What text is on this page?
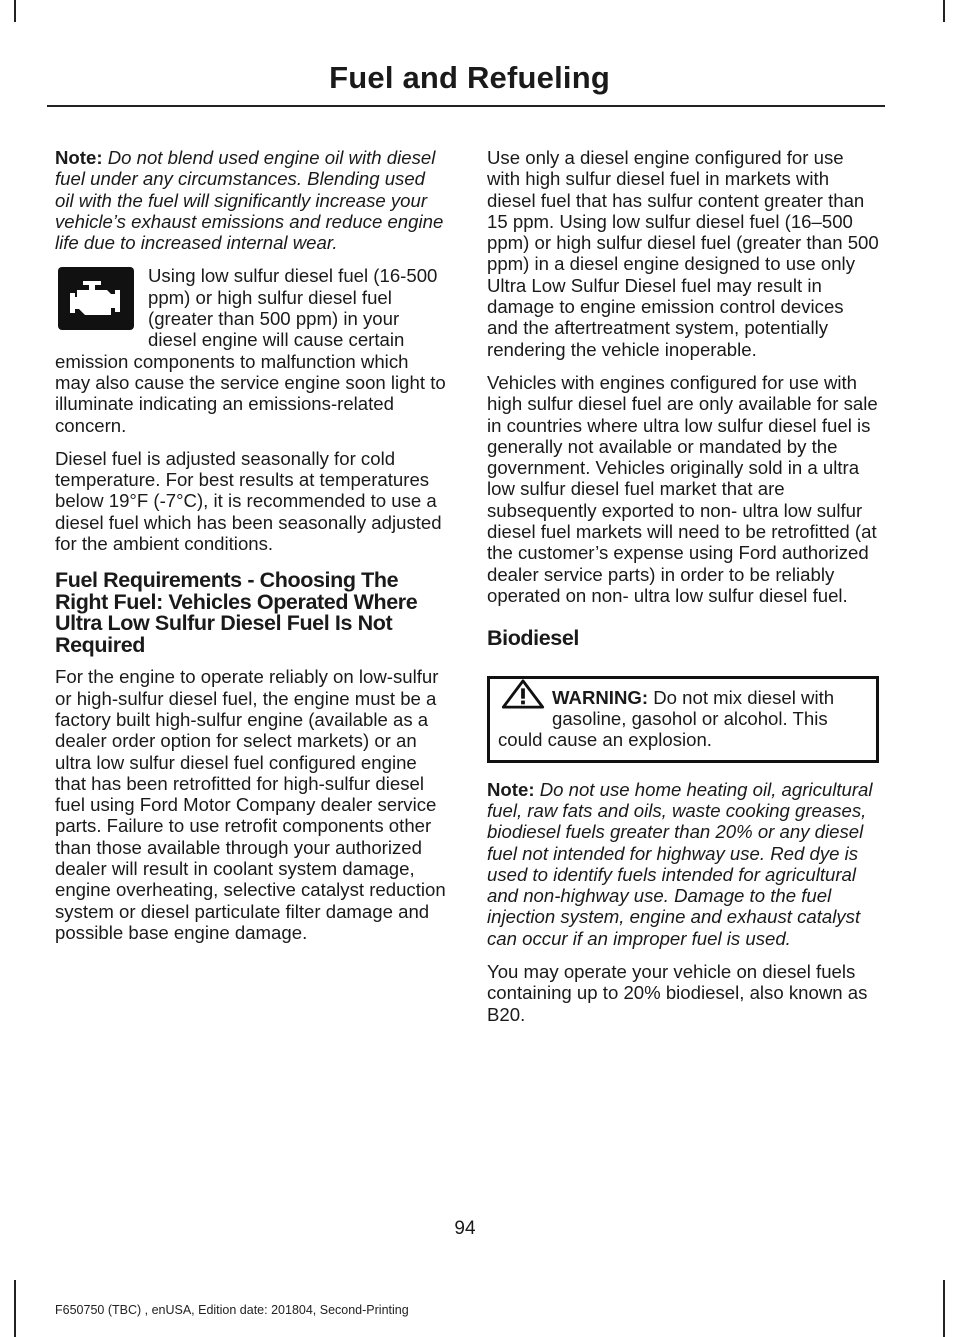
Fuel and Refueling

Note: Do not blend used engine oil with diesel fuel under any circumstances. Blending used oil with the fuel will significantly increase your vehicle’s exhaust emissions and reduce engine life due to increased internal wear.

Using low sulfur diesel fuel (16-500 ppm) or high sulfur diesel fuel (greater than 500 ppm) in your diesel engine will cause certain emission components to malfunction which may also cause the service engine soon light to illuminate indicating an emissions-related concern.

Diesel fuel is adjusted seasonally for cold temperature. For best results at temperatures below 19°F (-7°C), it is recommended to use a diesel fuel which has been seasonally adjusted for the ambient conditions.

Fuel Requirements - Choosing The Right Fuel: Vehicles Operated Where Ultra Low Sulfur Diesel Fuel Is Not Required

For the engine to operate reliably on low-sulfur or high-sulfur diesel fuel, the engine must be a factory built high-sulfur engine (available as a dealer order option for select markets) or an ultra low sulfur diesel fuel configured engine that has been retrofitted for high-sulfur diesel fuel using Ford Motor Company dealer service parts. Failure to use retrofit components other than those available through your authorized dealer will result in coolant system damage, engine overheating, selective catalyst reduction system or diesel particulate filter damage and possible base engine damage.

Use only a diesel engine configured for use with high sulfur diesel fuel in markets with diesel fuel that has sulfur content greater than 15 ppm. Using low sulfur diesel fuel (16–500 ppm) or high sulfur diesel fuel (greater than 500 ppm) in a diesel engine designed to use only Ultra Low Sulfur Diesel fuel may result in damage to engine emission control devices and the aftertreatment system, potentially rendering the vehicle inoperable.

Vehicles with engines configured for use with high sulfur diesel fuel are only available for sale in countries where ultra low sulfur diesel fuel is generally not available or mandated by the government. Vehicles originally sold in a ultra low sulfur diesel fuel market that are subsequently exported to non- ultra low sulfur diesel fuel markets will need to be retrofitted (at the customer’s expense using Ford authorized dealer service parts) in order to be reliably operated on non- ultra low sulfur diesel fuel.

Biodiesel
WARNING: Do not mix diesel with gasoline, gasohol or alcohol. This could cause an explosion.

Note: Do not use home heating oil, agricultural fuel, raw fats and oils, waste cooking greases, biodiesel fuels greater than 20% or any diesel fuel not intended for highway use. Red dye is used to identify fuels intended for agricultural and non-highway use. Damage to the fuel injection system, engine and exhaust catalyst can occur if an improper fuel is used.

You may operate your vehicle on diesel fuels containing up to 20% biodiesel, also known as B20.

94
F650750 (TBC) , enUSA, Edition date: 201804, Second-Printing
